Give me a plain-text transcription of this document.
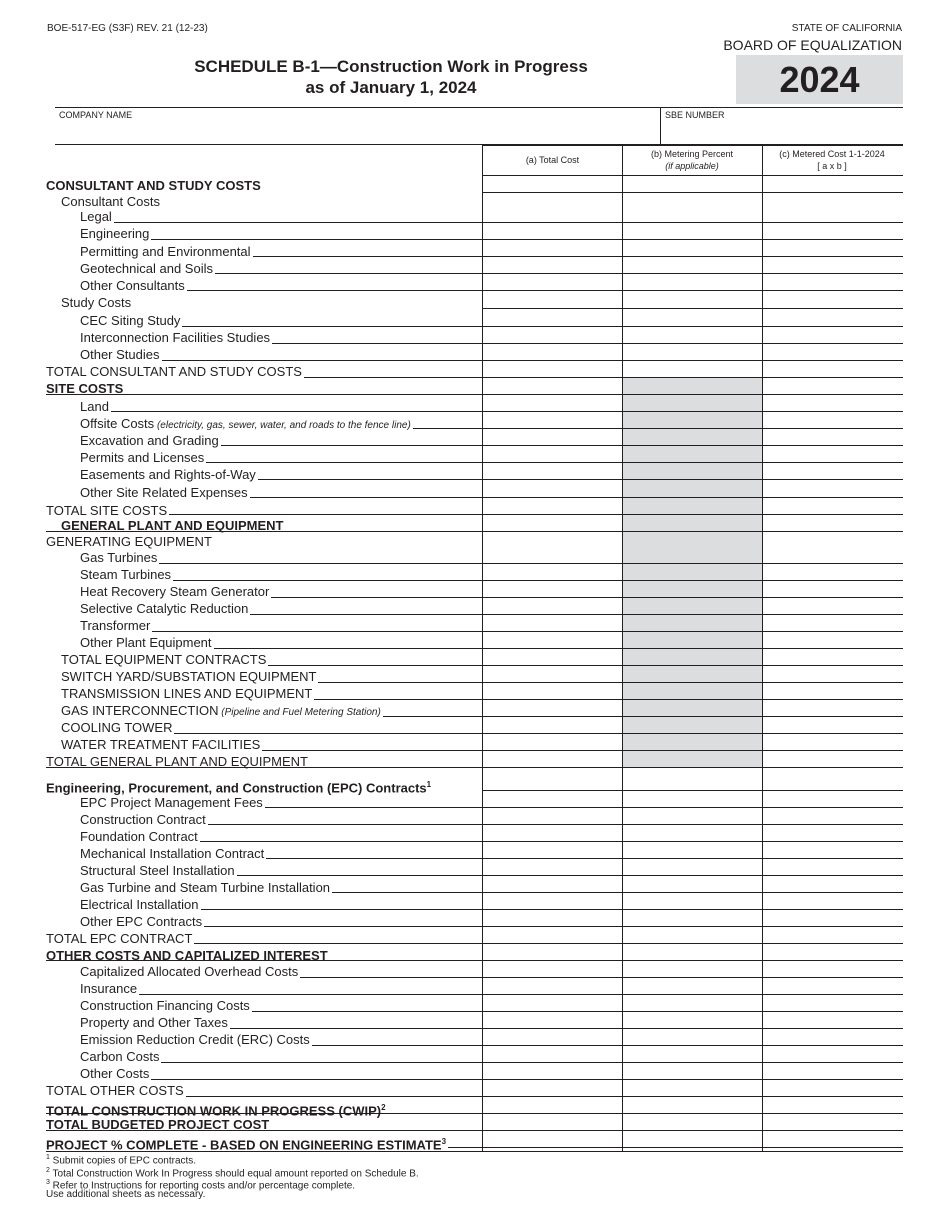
BOE-517-EG (S3F) REV. 21 (12-23)	STATE OF CALIFORNIA
BOARD OF EQUALIZATION
2024
SCHEDULE B-1—Construction Work in Progress
as of January 1, 2024
COMPANY NAME	SBE NUMBER
(a) Total Cost
(b) Metering Percent
(if applicable)
(c) Metered Cost 1-1-2024
[ a x b ]
CONSULTANT AND STUDY COSTS
Consultant Costs
Legal
Engineering
Permitting and Environmental
Geotechnical and Soils
Other Consultants
Study Costs
CEC Siting Study
Interconnection Facilities Studies
Other Studies
TOTAL CONSULTANT AND STUDY COSTS
SITE COSTS
Land
Offsite Costs (electricity, gas, sewer, water, and roads to the fence line)
Excavation and Grading
Permits and Licenses
Easements and Rights-of-Way
Other Site Related Expenses
TOTAL SITE COSTS
GENERAL PLANT AND EQUIPMENT
GENERATING EQUIPMENT
Gas Turbines
Steam Turbines
Heat Recovery Steam Generator
Selective Catalytic Reduction
Transformer
Other Plant Equipment
TOTAL EQUIPMENT CONTRACTS
SWITCH YARD/SUBSTATION EQUIPMENT
TRANSMISSION LINES AND EQUIPMENT
GAS INTERCONNECTION (Pipeline and Fuel Metering Station)
COOLING TOWER
WATER TREATMENT FACILITIES
TOTAL GENERAL PLANT AND EQUIPMENT
Engineering, Procurement, and Construction (EPC) Contracts$^1$
EPC Project Management Fees
Construction Contract
Foundation Contract
Mechanical Installation Contract
Structural Steel Installation
Gas Turbine and Steam Turbine Installation
Electrical Installation
Other EPC Contracts
TOTAL EPC CONTRACT
OTHER COSTS AND CAPITALIZED INTEREST
Capitalized Allocated Overhead Costs
Insurance
Construction Financing Costs
Property and Other Taxes
Emission Reduction Credit (ERC) Costs
Carbon Costs
Other Costs
TOTAL OTHER COSTS
TOTAL CONSTRUCTION WORK IN PROGRESS (CWIP)$^2$
TOTAL BUDGETED PROJECT COST
PROJECT % COMPLETE - BASED ON ENGINEERING ESTIMATE$^3$
$^1$ Submit copies of EPC contracts.
$^2$ Total Construction Work In Progress should equal amount reported on Schedule B.
$^3$ Refer to Instructions for reporting costs and/or percentage complete.
Use additional sheets as necessary.
